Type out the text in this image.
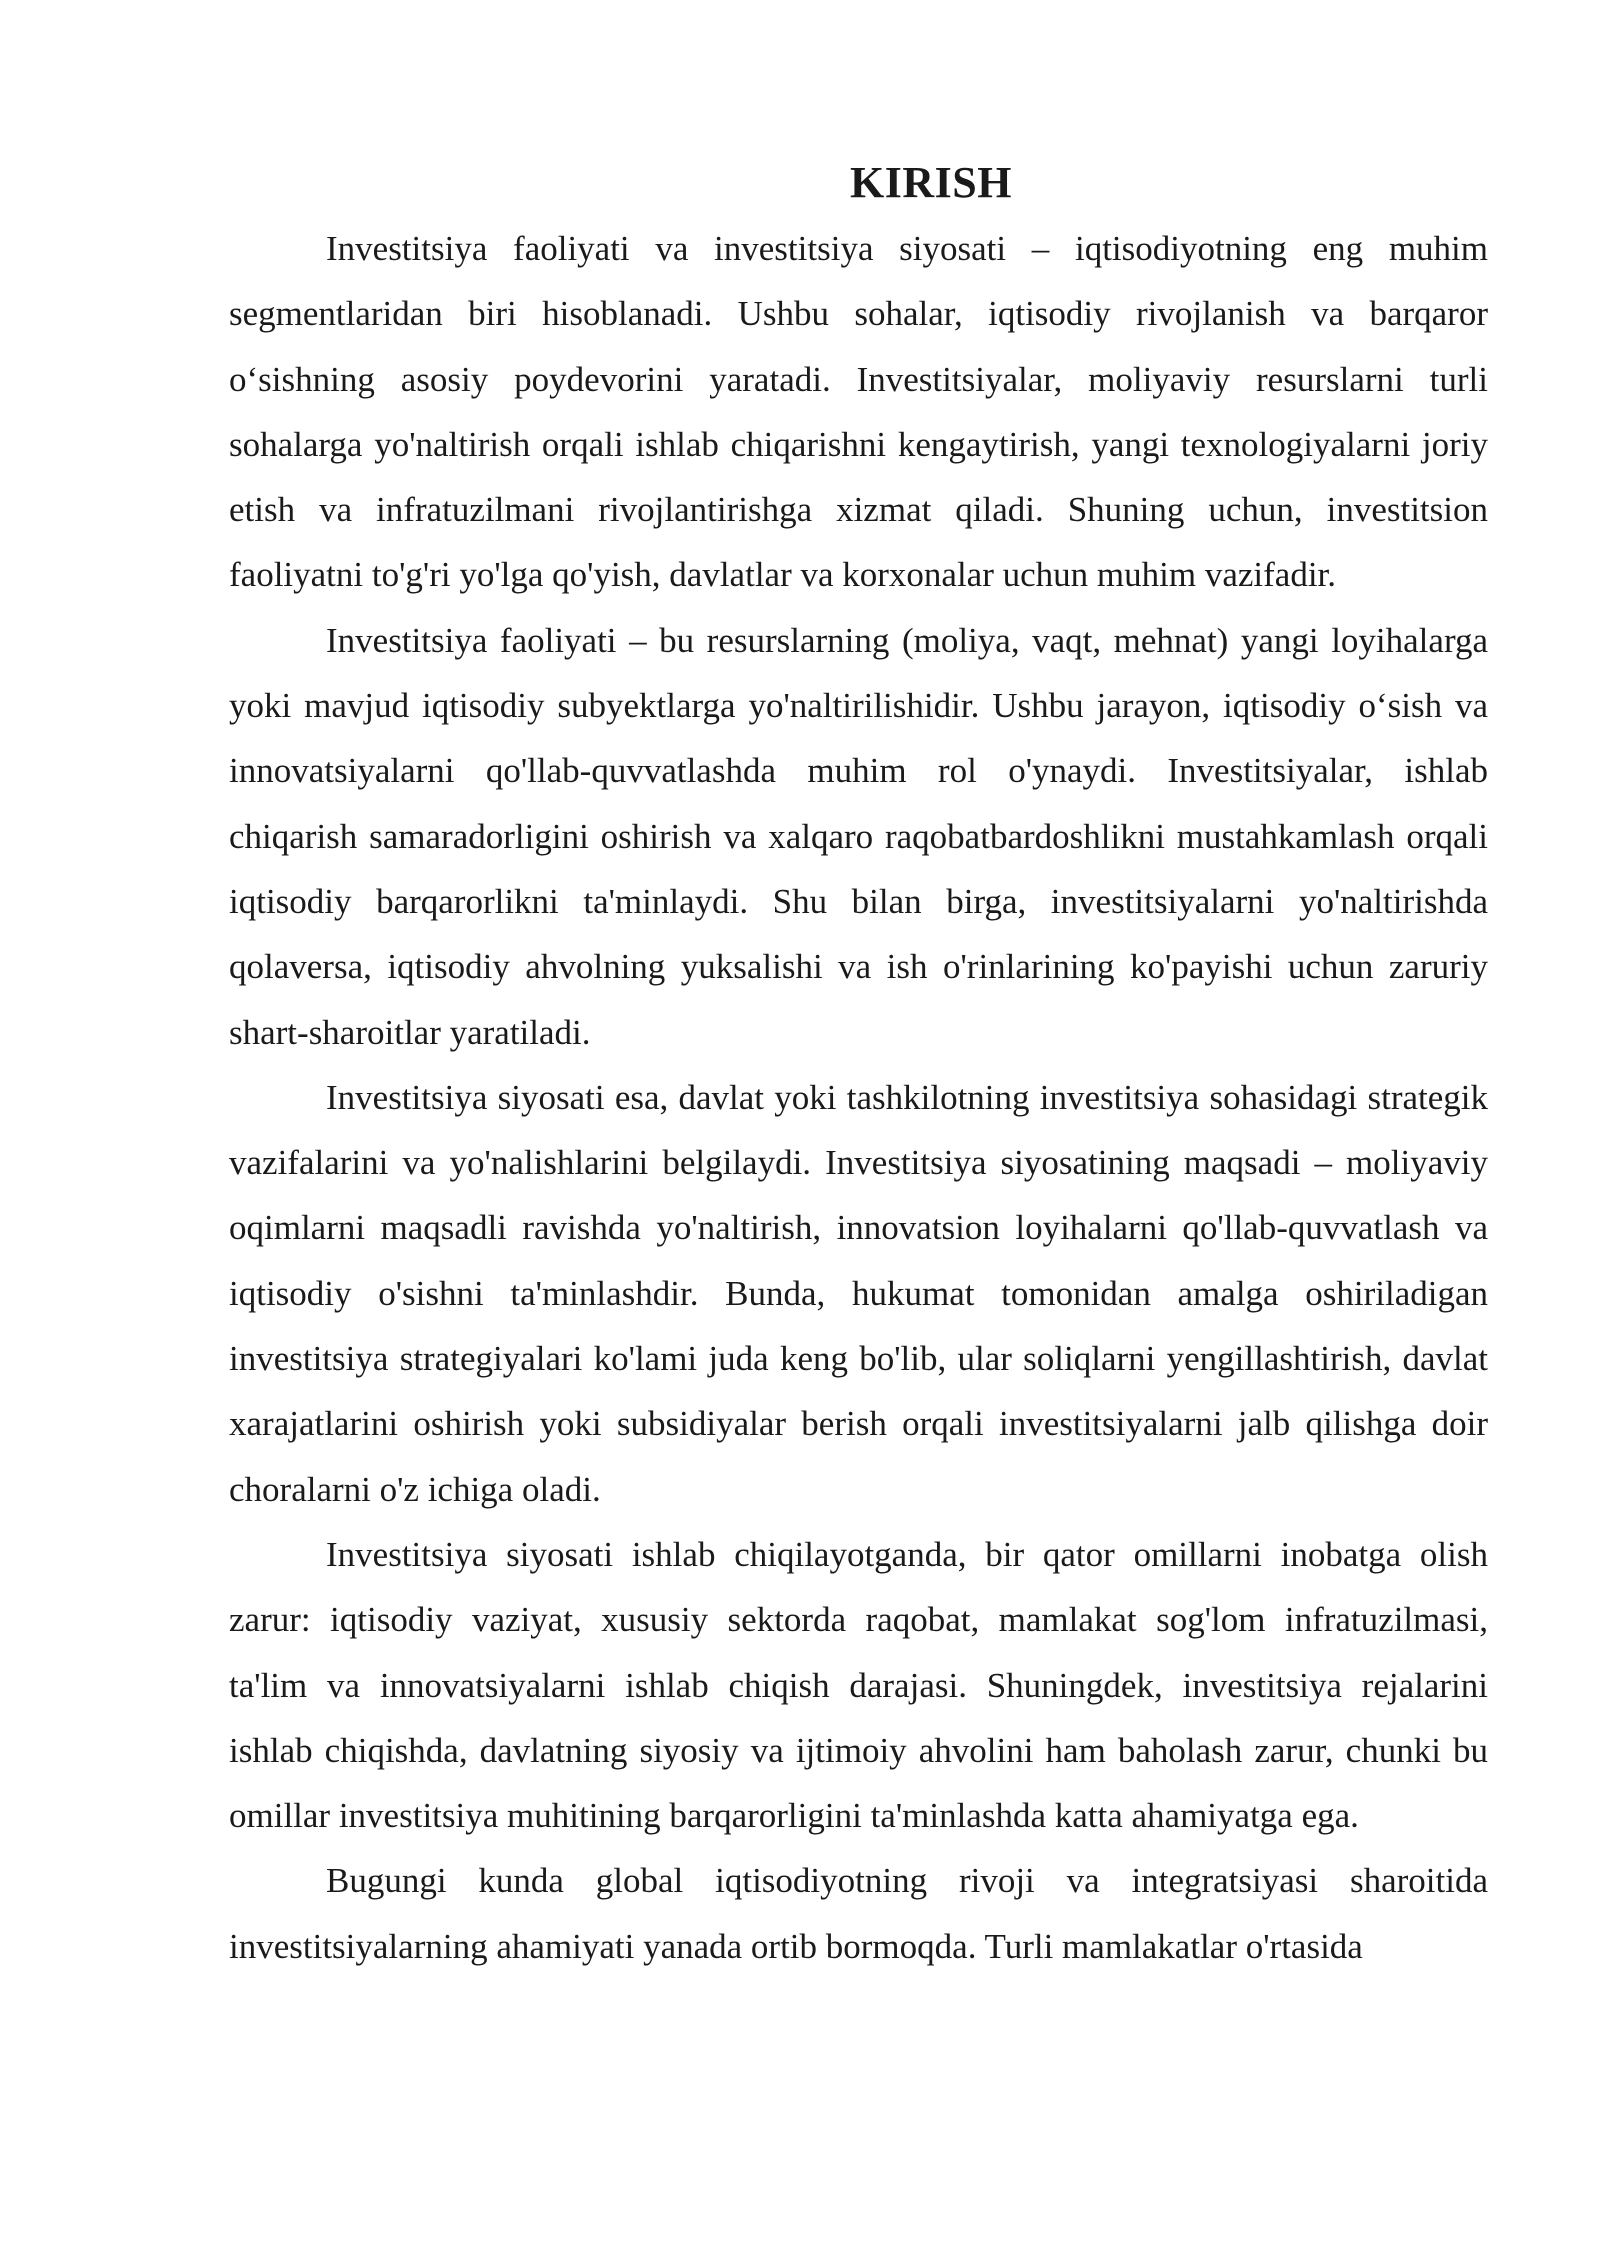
KIRISH

Investitsiya faoliyati va investitsiya siyosati – iqtisodiyotning eng muhim segmentlaridan biri hisoblanadi. Ushbu sohalar, iqtisodiy rivojlanish va barqaror o‘sishning asosiy poydevorini yaratadi. Investitsiyalar, moliyaviy resurslarni turli sohalarga yo'naltirish orqali ishlab chiqarishni kengaytirish, yangi texnologiyalarni joriy etish va infratuzilmani rivojlantirishga xizmat qiladi. Shuning uchun, investitsion faoliyatni to'g'ri yo'lga qo'yish, davlatlar va korxonalar uchun muhim vazifadir.

Investitsiya faoliyati – bu resurslarning (moliya, vaqt, mehnat) yangi loyihalarga yoki mavjud iqtisodiy subyektlarga yo'naltirilishidir. Ushbu jarayon, iqtisodiy o‘sish va innovatsiyalarni qo'llab-quvvatlashda muhim rol o'ynaydi. Investitsiyalar, ishlab chiqarish samaradorligini oshirish va xalqaro raqobatbardoshlikni mustahkamlash orqali iqtisodiy barqarorlikni ta'minlaydi. Shu bilan birga, investitsiyalarni yo'naltirishda qolaversa, iqtisodiy ahvolning yuksalishi va ish o'rinlarining ko'payishi uchun zaruriy shart-sharoitlar yaratiladi.

Investitsiya siyosati esa, davlat yoki tashkilotning investitsiya sohasidagi strategik vazifalarini va yo'nalishlarini belgilaydi. Investitsiya siyosatining maqsadi – moliyaviy oqimlarni maqsadli ravishda yo'naltirish, innovatsion loyihalarni qo'llab-quvvatlash va iqtisodiy o'sishni ta'minlashdir. Bunda, hukumat tomonidan amalga oshiriladigan investitsiya strategiyalari ko'lami juda keng bo'lib, ular soliqlarni yengillashtirish, davlat xarajatlarini oshirish yoki subsidiyalar berish orqali investitsiyalarni jalb qilishga doir choralarni o'z ichiga oladi.

Investitsiya siyosati ishlab chiqilayotganda, bir qator omillarni inobatga olish zarur: iqtisodiy vaziyat, xususiy sektorda raqobat, mamlakat sog'lom infratuzilmasi, ta'lim va innovatsiyalarni ishlab chiqish darajasi. Shuningdek, investitsiya rejalarini ishlab chiqishda, davlatning siyosiy va ijtimoiy ahvolini ham baholash zarur, chunki bu omillar investitsiya muhitining barqarorligini ta'minlashda katta ahamiyatga ega.

Bugungi kunda global iqtisodiyotning rivoji va integratsiyasi sharoitida investitsiyalarning ahamiyati yanada ortib bormoqda. Turli mamlakatlar o'rtasida
